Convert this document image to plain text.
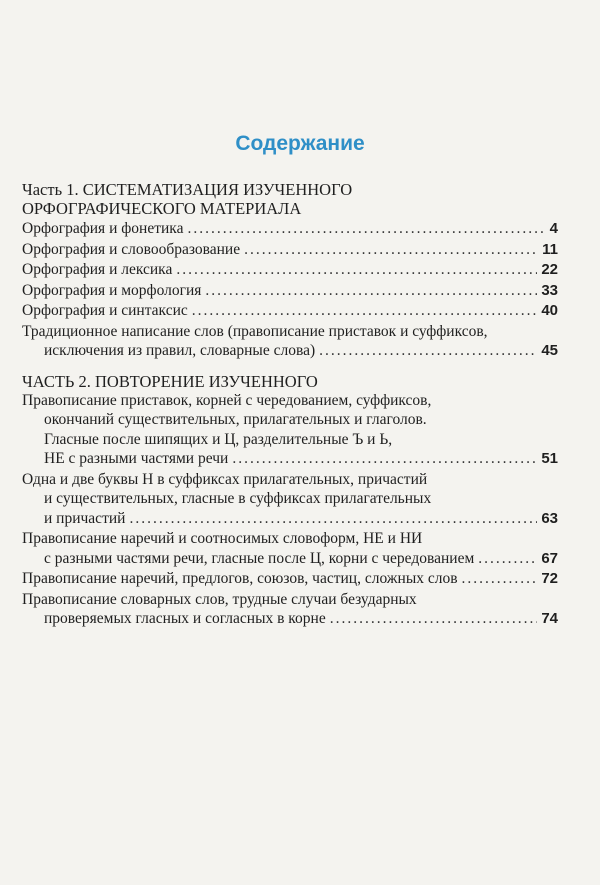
Содержание
Часть 1. СИСТЕМАТИЗАЦИЯ ИЗУЧЕННОГО
ОРФОГРАФИЧЕСКОГО МАТЕРИАЛА
Орфография и фонетика .....	4
Орфография и словообразование .....	11
Орфография и лексика .....	22
Орфография и морфология .....	33
Орфография и синтаксис .....	40
Традиционное написание слов (правописание приставок и суффиксов,
исключения из правил, словарные слова) .....	45
ЧАСТЬ 2. ПОВТОРЕНИЕ ИЗУЧЕННОГО
Правописание приставок, корней с чередованием, суффиксов,
окончаний существительных, прилагательных и глаголов.
Гласные после шипящих и Ц, разделительные Ъ и Ь,
НЕ с разными частями речи .....	51
Одна и две буквы Н в суффиксах прилагательных, причастий
и существительных, гласные в суффиксах прилагательных
и причастий .....	63
Правописание наречий и соотносимых словоформ, НЕ и НИ
с разными частями речи, гласные после Ц, корни с чередованием .....	67
Правописание наречий, предлогов, союзов, частиц, сложных слов .....	72
Правописание словарных слов, трудные случаи безударных
проверяемых гласных и согласных в корне .....	74
